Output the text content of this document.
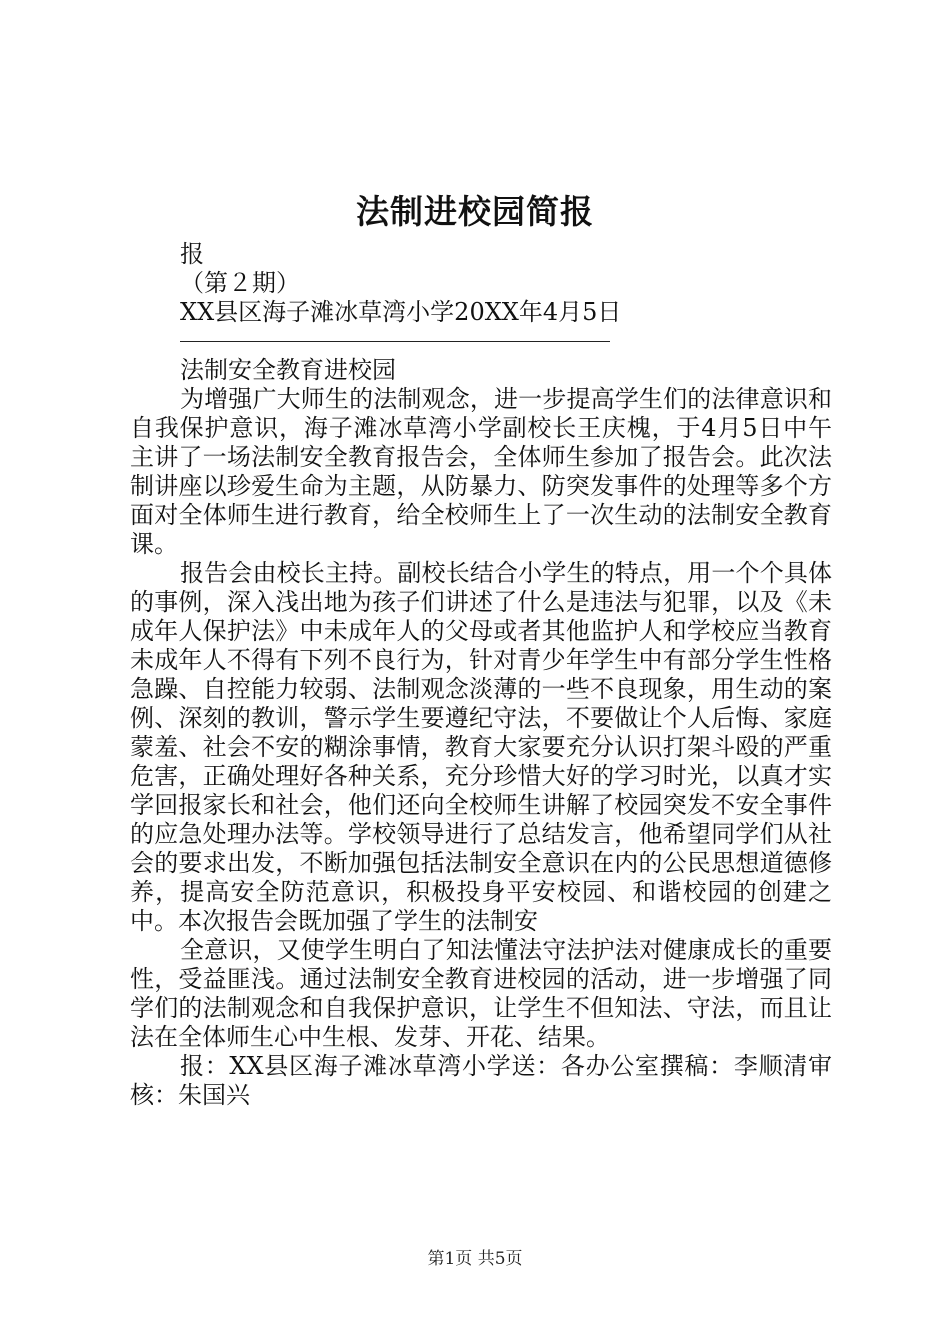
法制进校园简报
报
（第２期）
XX县区海子滩冰草湾小学20XX年4月5日
法制安全教育进校园

为增强广大师生的法制观念，进一步提高学生们的法律意识和自我保护意识，海子滩冰草湾小学副校长王庆槐，于4月5日中午主讲了一场法制安全教育报告会，全体师生参加了报告会。此次法制讲座以珍爱生命为主题，从防暴力、防突发事件的处理等多个方面对全体师生进行教育，给全校师生上了一次生动的法制安全教育课。

报告会由校长主持。副校长结合小学生的特点，用一个个具体的事例，深入浅出地为孩子们讲述了什么是违法与犯罪，以及《未成年人保护法》中未成年人的父母或者其他监护人和学校应当教育未成年人不得有下列不良行为，针对青少年学生中有部分学生性格急躁、自控能力较弱、法制观念淡薄的一些不良现象，用生动的案例、深刻的教训，警示学生要遵纪守法，不要做让个人后悔、家庭蒙羞、社会不安的糊涂事情，教育大家要充分认识打架斗殴的严重危害，正确处理好各种关系，充分珍惜大好的学习时光，以真才实学回报家长和社会，他们还向全校师生讲解了校园突发不安全事件的应急处理办法等。学校领导进行了总结发言，他希望同学们从社会的要求出发，不断加强包括法制安全意识在内的公民思想道德修养，提高安全防范意识，积极投身平安校园、和谐校园的创建之中。本次报告会既加强了学生的法制安

全意识，又使学生明白了知法懂法守法护法对健康成长的重要性，受益匪浅。通过法制安全教育进校园的活动，进一步增强了同学们的法制观念和自我保护意识，让学生不但知法、守法，而且让法在全体师生心中生根、发芽、开花、结果。

报：XX县区海子滩冰草湾小学送：各办公室撰稿：李顺清审核：朱国兴

第1页 共5页
